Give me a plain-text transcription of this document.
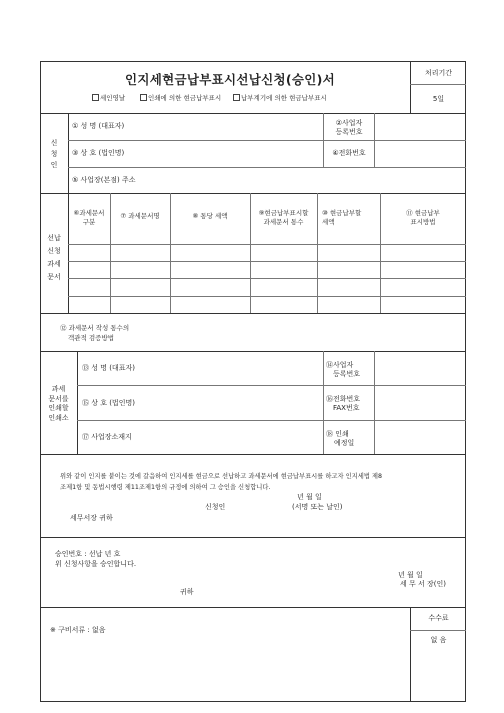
인지세현금납부표시선납신청(승인)서
세인영날	인쇄에 의한 현금납부표시	납부계기에 의한 현금납부표시
처리기간
5일
신
청
인
① 성 명 (대표자)	②사업자
등록번호
③ 상 호 (법인명)	④전화번호
⑤ 사업장(본점) 주소
선납
신청
과세
문서
⑥과세문서
구분
⑦ 과세문서명	⑧ 통당 세액	⑨현금납부표시할
과세문서 통수
⑩ 현금납부할
세액
⑪ 현금납부
표시방법
⑫ 과세문서 작성 통수의
객관적 검증방법
과세
문서를
인쇄할
인쇄소
⑬ 성 명 (대표자)	⑭사업자
등록번호
⑮ 상 호 (법인명)	⑯전화번호
FAX번호
⑰ 사업장소재지	⑱ 인쇄
예정일
위와 같이 인지를 붙이는 것에 갈음하여 인지세를 현금으로 선납하고 과세문서에 현금납부표시를 하고자 인지세법 제8
조제1항 및 동법시행령 제11조제1항의 규정에 의하여 그 승인을 신청합니다.
년 월 일
신청인	(서명 또는 날인)
세무서장 귀하
승인번호 : 선납 년 호
위 신청사항을 승인합니다.
년 월 일
세 무 서 장(인)
귀하
※ 구비서류 : 없음
수수료
없 음
